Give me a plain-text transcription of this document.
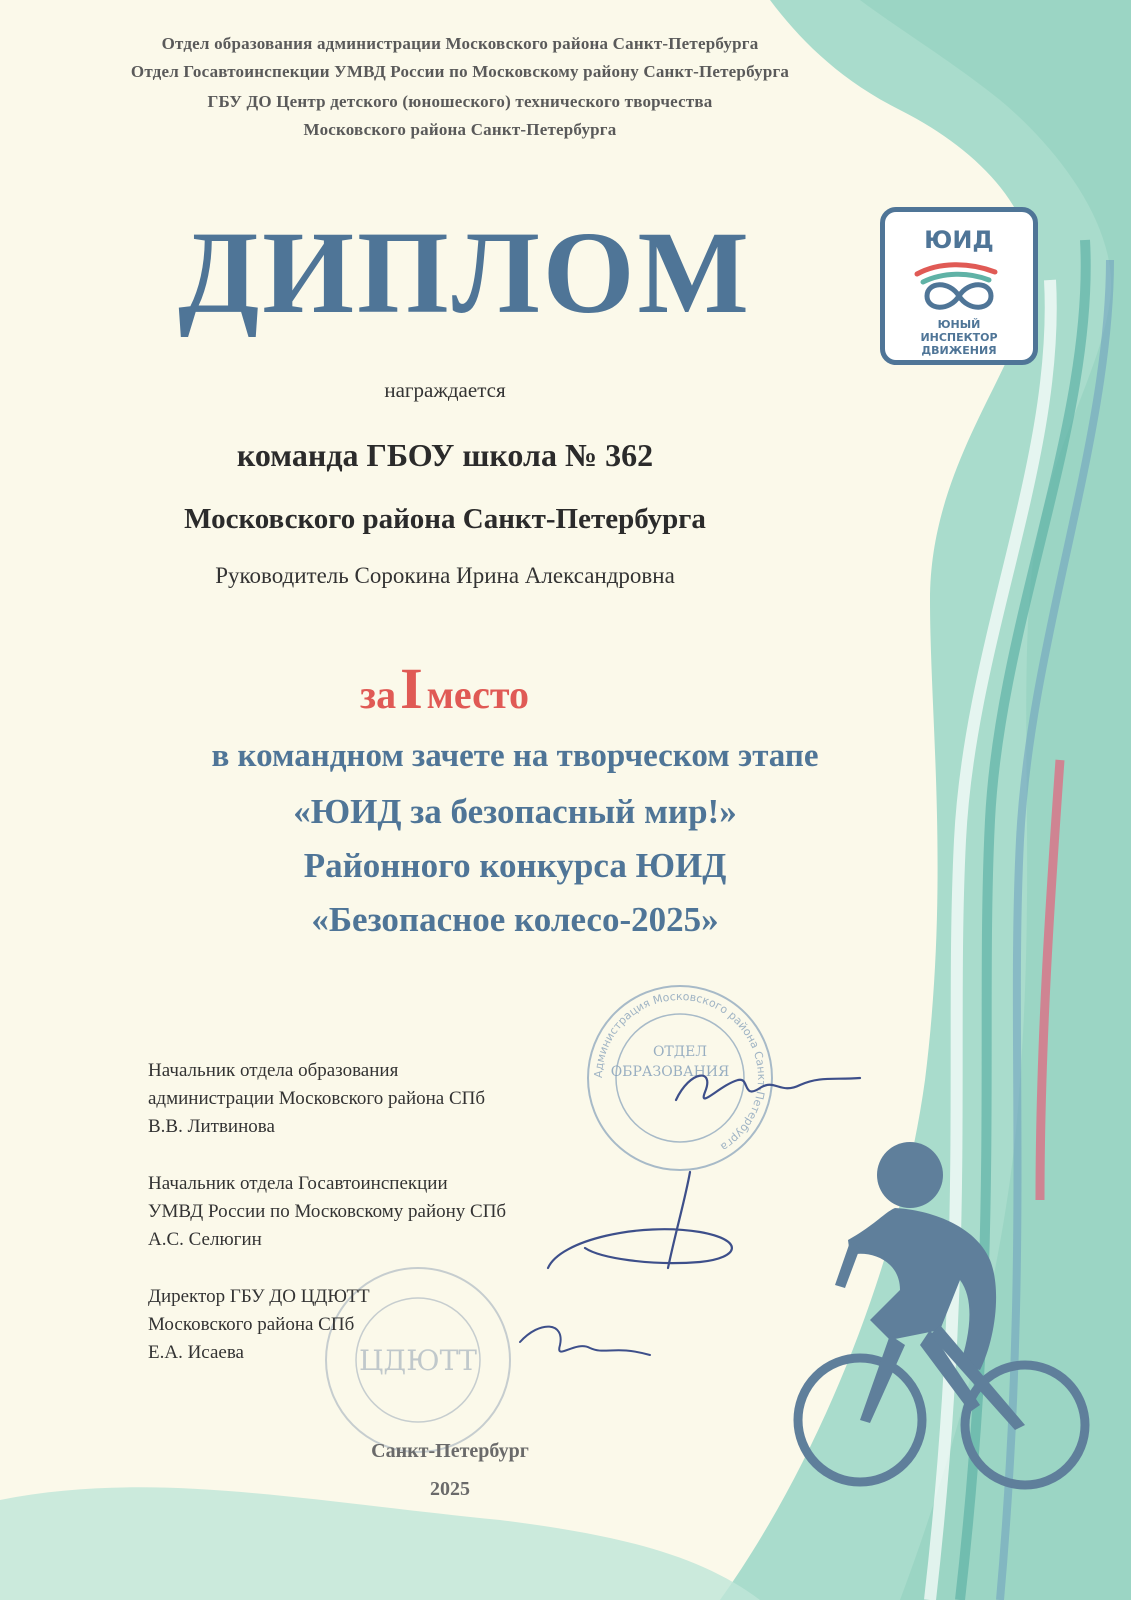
Отдел образования администрации Московского района Санкт-Петербурга
Отдел Госавтоинспекции УМВД России по Московскому району Санкт-Петербурга
ГБУ ДО Центр детского (юношеского) технического творчества
Московского района Санкт-Петербурга
ДИПЛОМ	ЮИД
ЮНЫЙ
ИНСПЕКТОР
ДВИЖЕНИЯ
награждается
команда ГБОУ школа № 362
Московского района Санкт-Петербурга
Руководитель Сорокина Ирина Александровна
за I место
в командном зачете на творческом этапе
«ЮИД за безопасный мир!»
Районного конкурса ЮИД
«Безопасное колесо-2025»
Администрация Московского района Санкт-Петербурга
ОТДЕЛ
ОБРАЗОВАНИЯ
ЦДЮТТ
Начальник отдела образования
администрации Московского района СПб
В.В. Литвинова
Начальник отдела Госавтоинспекции
УМВД России по Московскому району СПб
А.С. Селюгин
Директор ГБУ ДО ЦДЮТТ
Московского района СПб
Е.А. Исаева
Санкт-Петербург
2025
